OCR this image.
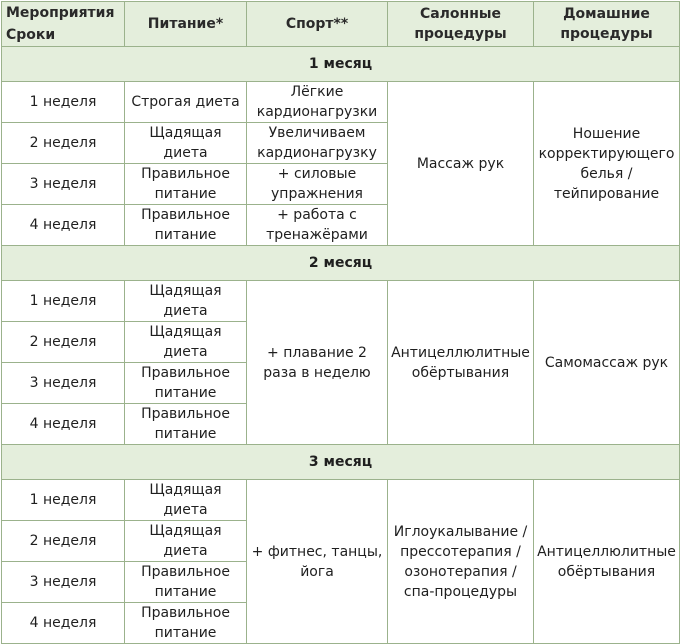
Мероприятия
Сроки	Питание*	Спорт**	Салонные процедуры	Домашние процедуры
1 месяц				
1 неделя	Строгая диета	Лёгкие кардионагрузки	Массаж рук	Ношение корректирующего белья / тейпирование
2 неделя	Щадящая диета	Увеличиваем кардионагрузку		
3 неделя	Правильное питание	+ силовые упражнения		
4 неделя	Правильное питание	+ работа с тренажёрами		
2 месяц				
1 неделя	Щадящая диета	+ плавание 2 раза в неделю	Антицеллюлитные обёртывания	Самомассаж рук
2 неделя	Щадящая диета			
3 неделя	Правильное питание			
4 неделя	Правильное питание			
3 месяц				
1 неделя	Щадящая диета	+ фитнес, танцы, йога	Иглоукалывание / прессотерапия / озонотерапия / спа-процедуры	Антицеллюлитные обёртывания
2 неделя	Щадящая диета			
3 неделя	Правильное питание			
4 неделя	Правильное питание			
